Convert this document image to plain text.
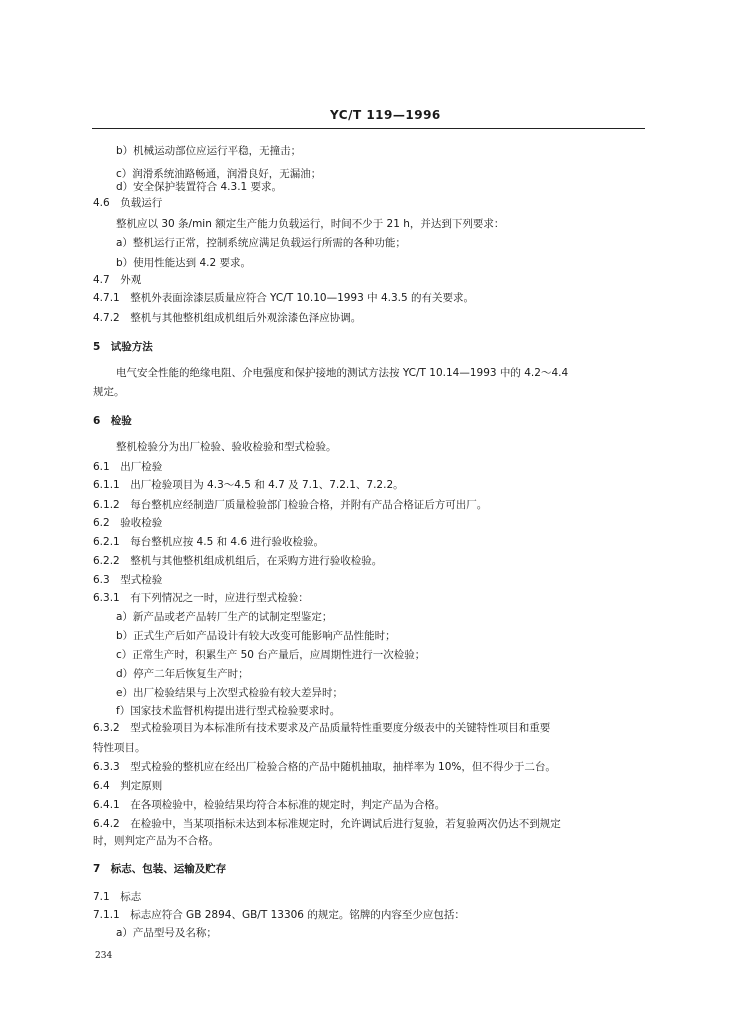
YC/T 119—1996
b）机械运动部位应运行平稳，无撞击；
c）润滑系统油路畅通，润滑良好，无漏油；
d）安全保护装置符合 4.3.1 要求。
4.6　负载运行
整机应以 30 条/min 额定生产能力负载运行，时间不少于 21 h，并达到下列要求：
a）整机运行正常，控制系统应满足负载运行所需的各种功能；
b）使用性能达到 4.2 要求。
4.7　外观
4.7.1　整机外表面涂漆层质量应符合 YC/T 10.10—1993 中 4.3.5 的有关要求。
4.7.2　整机与其他整机组成机组后外观涂漆色泽应协调。
5　试验方法
电气安全性能的绝缘电阻、介电强度和保护接地的测试方法按 YC/T 10.14—1993 中的 4.2～4.4
规定。
6　检验
整机检验分为出厂检验、验收检验和型式检验。
6.1　出厂检验
6.1.1　出厂检验项目为 4.3～4.5 和 4.7 及 7.1、7.2.1、7.2.2。
6.1.2　每台整机应经制造厂质量检验部门检验合格，并附有产品合格证后方可出厂。
6.2　验收检验
6.2.1　每台整机应按 4.5 和 4.6 进行验收检验。
6.2.2　整机与其他整机组成机组后，在采购方进行验收检验。
6.3　型式检验
6.3.1　有下列情况之一时，应进行型式检验：
a）新产品或老产品转厂生产的试制定型鉴定；
b）正式生产后如产品设计有较大改变可能影响产品性能时；
c）正常生产时，积累生产 50 台产量后，应周期性进行一次检验；
d）停产二年后恢复生产时；
e）出厂检验结果与上次型式检验有较大差异时；
f）国家技术监督机构提出进行型式检验要求时。
6.3.2　型式检验项目为本标准所有技术要求及产品质量特性重要度分级表中的关键特性项目和重要
特性项目。
6.3.3　型式检验的整机应在经出厂检验合格的产品中随机抽取，抽样率为 10%，但不得少于二台。
6.4　判定原则
6.4.1　在各项检验中，检验结果均符合本标准的规定时，判定产品为合格。
6.4.2　在检验中，当某项指标未达到本标准规定时，允许调试后进行复验，若复验两次仍达不到规定
时，则判定产品为不合格。
7　标志、包装、运输及贮存
7.1　标志
7.1.1　标志应符合 GB 2894、GB/T 13306 的规定。铭牌的内容至少应包括：
a）产品型号及名称；
234
